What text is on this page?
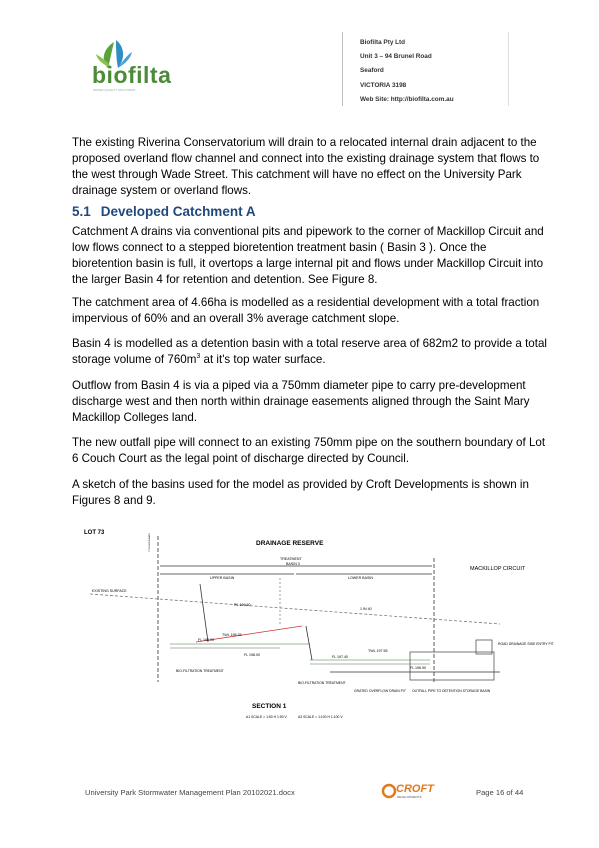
biofilta
WATER QUALITY SOLUTIONS
Biofilta Pty Ltd
Unit 3 – 94 Brunel Road
Seaford
VICTORIA 3198
Web Site: http://biofilta.com.au

The existing Riverina Conservatorium will drain to a relocated internal drain adjacent to the proposed overland flow channel and connect into the existing drainage system that flows to the west through Wade Street. This catchment will have no effect on the University Park drainage system or overland flows.

5.1 Developed Catchment A

Catchment A drains via conventional pits and pipework to the corner of Mackillop Circuit and low flows connect to a stepped bioretention treatment basin ( Basin 3 ). Once the bioretention basin is full, it overtops a large internal pit and flows under Mackillop Circuit into the larger Basin 4 for retention and detention. See Figure 8.

The catchment area of 4.66ha is modelled as a residential development with a total fraction impervious of 60% and an overall 3% average catchment slope.

Basin 4 is modelled as a detention basin with a total reserve area of 682m2 to provide a total storage volume of $760m^3$ at it's top water surface.

Outflow from Basin 4 is via a piped via a 750mm diameter pipe to carry pre-development discharge west and then north within drainage easements aligned through the Saint Mary Mackillop Colleges land.

The new outfall pipe will connect to an existing 750mm pipe on the southern boundary of Lot 6 Couch Court as the legal point of discharge directed by Council.

A sketch of the basins used for the model as provided by Croft Developments is shown in Figures 8 and 9.

LOT 73
TITLE BOUNDARY	DRAINAGE RESERVE
TREATMENT
BASIN 3
UPPER BASIN	LOWER BASIN
MACKILLOP CIRCUIT
EXISTING SURFACE
RL 199.60
1 IN 40
TWL 198.25
FL 198.00
FL 198.00
TWL 197.55
FL 197.40
FL 196.90
ROAD DRAINAGE SIDE ENTRY PIT
BIO-FILTRATION TREATMENT
BIO-FILTRATION TREATMENT
GRATED OVERFLOW DRAIN PIT OUTFALL PIPE TO DETENTION STORAGE BASIN
SECTION 1
A1 SCALE = 1:50 H 1:50 V	A3 SCALE = 1:100 H 1:100 V
University Park Stormwater Management Plan 20102021.docx	CROFT
DEVELOPMENTS	Page 16 of 44
